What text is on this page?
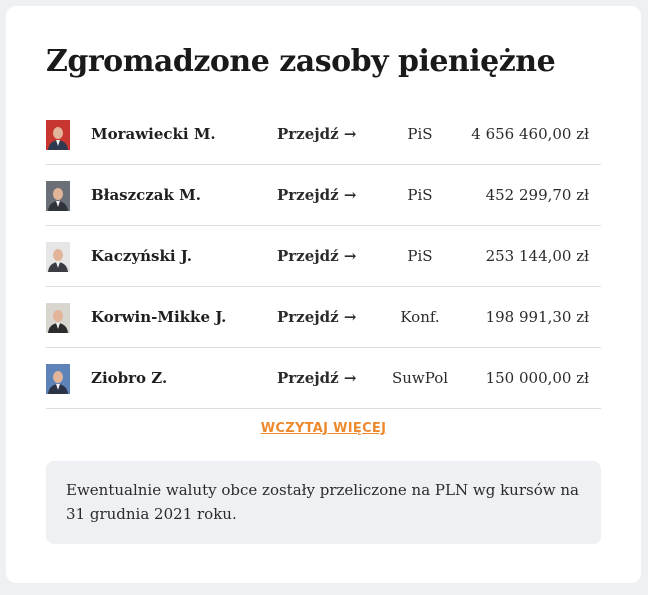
Zgromadzone zasoby pieniężne
Morawiecki M.	Przejdź →	PiS	4 656 460,00 zł
Błaszczak M.	Przejdź →	PiS	452 299,70 zł
Kaczyński J.	Przejdź →	PiS	253 144,00 zł
Korwin-Mikke J.	Przejdź →	Konf.	198 991,30 zł
Ziobro Z.	Przejdź →	SuwPol	150 000,00 zł
WCZYTAJ WIĘCEJ
Ewentualnie waluty obce zostały przeliczone na PLN wg kursów na 31 grudnia 2021 roku.
